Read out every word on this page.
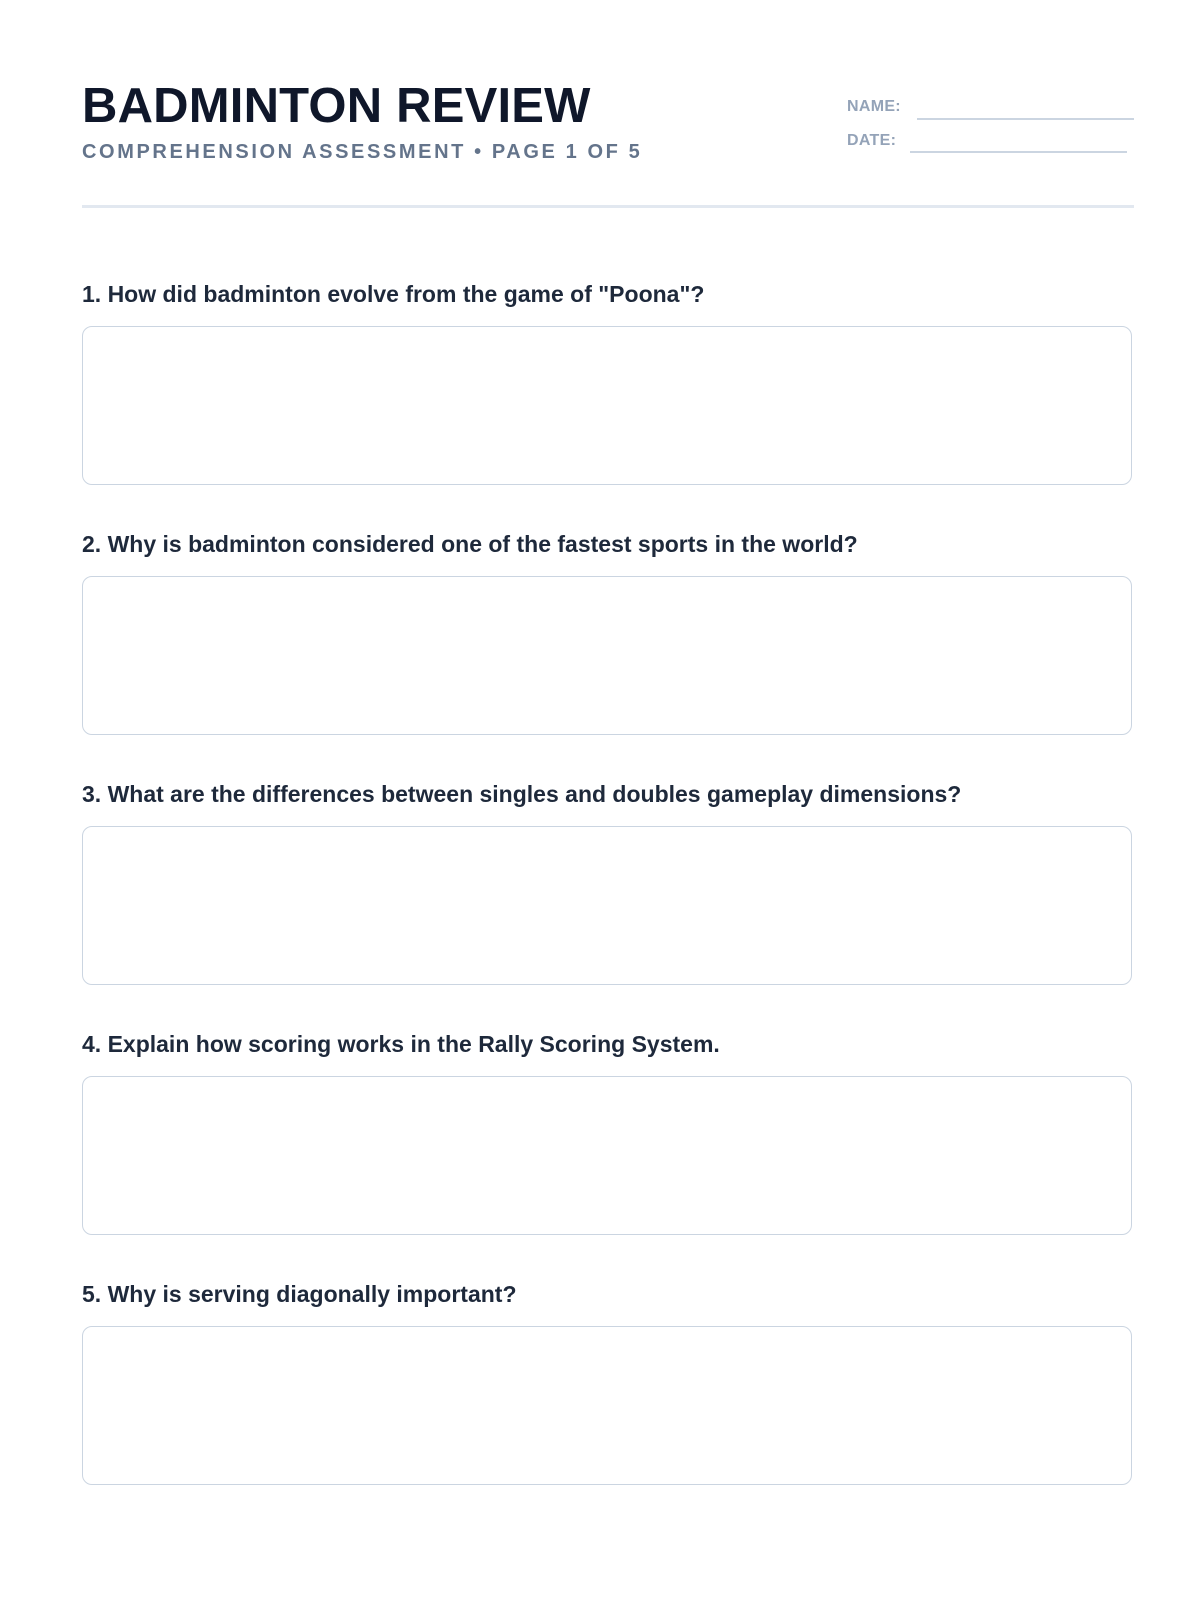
BADMINTON REVIEW
COMPREHENSION ASSESSMENT • PAGE 1 OF 5
NAME:
DATE:

1. How did badminton evolve from the game of "Poona"?

2. Why is badminton considered one of the fastest sports in the world?

3. What are the differences between singles and doubles gameplay dimensions?

4. Explain how scoring works in the Rally Scoring System.

5. Why is serving diagonally important?
